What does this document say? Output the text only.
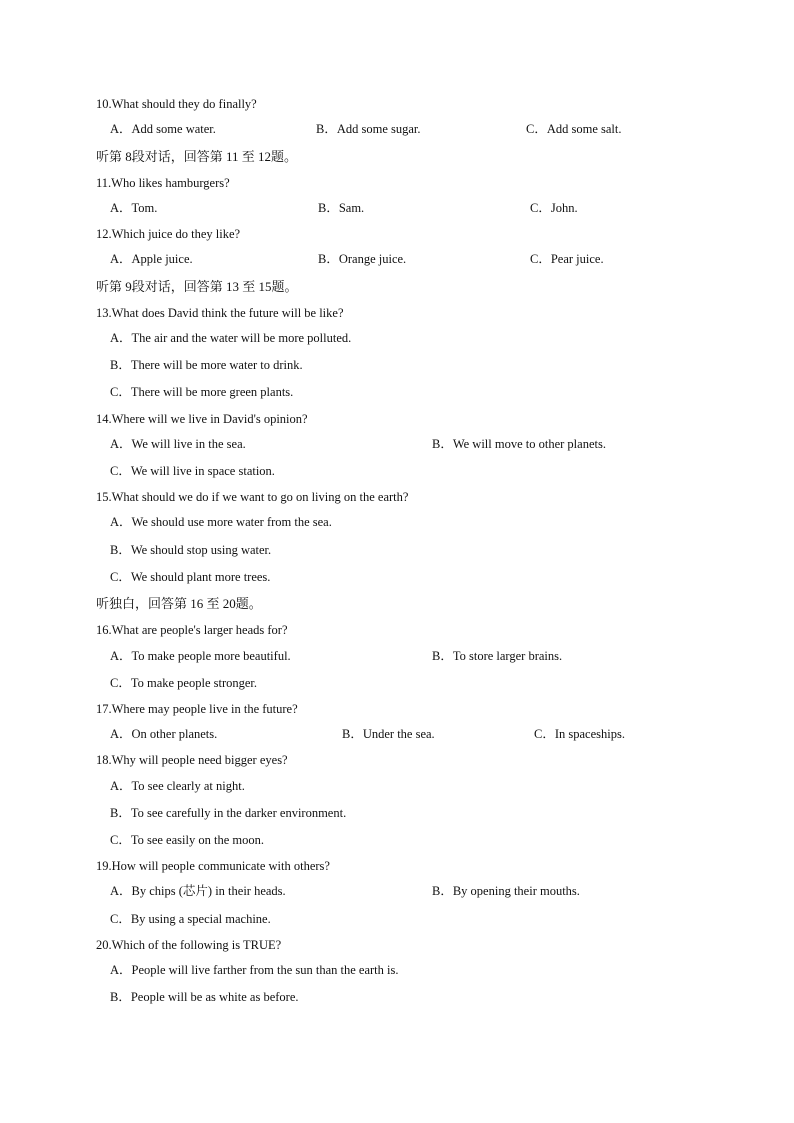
10.What should they do finally?
A．Add some water.	B．Add some sugar.	C．Add some salt.
听第 8段对话，回答第 11 至 12题。
11.Who likes hamburgers?
A．Tom.	B．Sam.	C．John.
12.Which juice do they like?
A．Apple juice.	B．Orange juice.	C．Pear juice.
听第 9段对话，回答第 13 至 15题。
13.What does David think the future will be like?
A．The air and the water will be more polluted.
B．There will be more water to drink.
C．There will be more green plants.
14.Where will we live in David's opinion?
A．We will live in the sea.	B．We will move to other planets.
C．We will live in space station.
15.What should we do if we want to go on living on the earth?
A．We should use more water from the sea.
B．We should stop using water.
C．We should plant more trees.
听独白，回答第 16 至 20题。
16.What are people's larger heads for?
A．To make people more beautiful.	B．To store larger brains.
C．To make people stronger.
17.Where may people live in the future?
A．On other planets.	B．Under the sea.	C．In spaceships.
18.Why will people need bigger eyes?
A．To see clearly at night.
B．To see carefully in the darker environment.
C．To see easily on the moon.
19.How will people communicate with others?
A．By chips (芯片) in their heads.	B．By opening their mouths.
C．By using a special machine.
20.Which of the following is TRUE?
A．People will live farther from the sun than the earth is.
B．People will be as white as before.
